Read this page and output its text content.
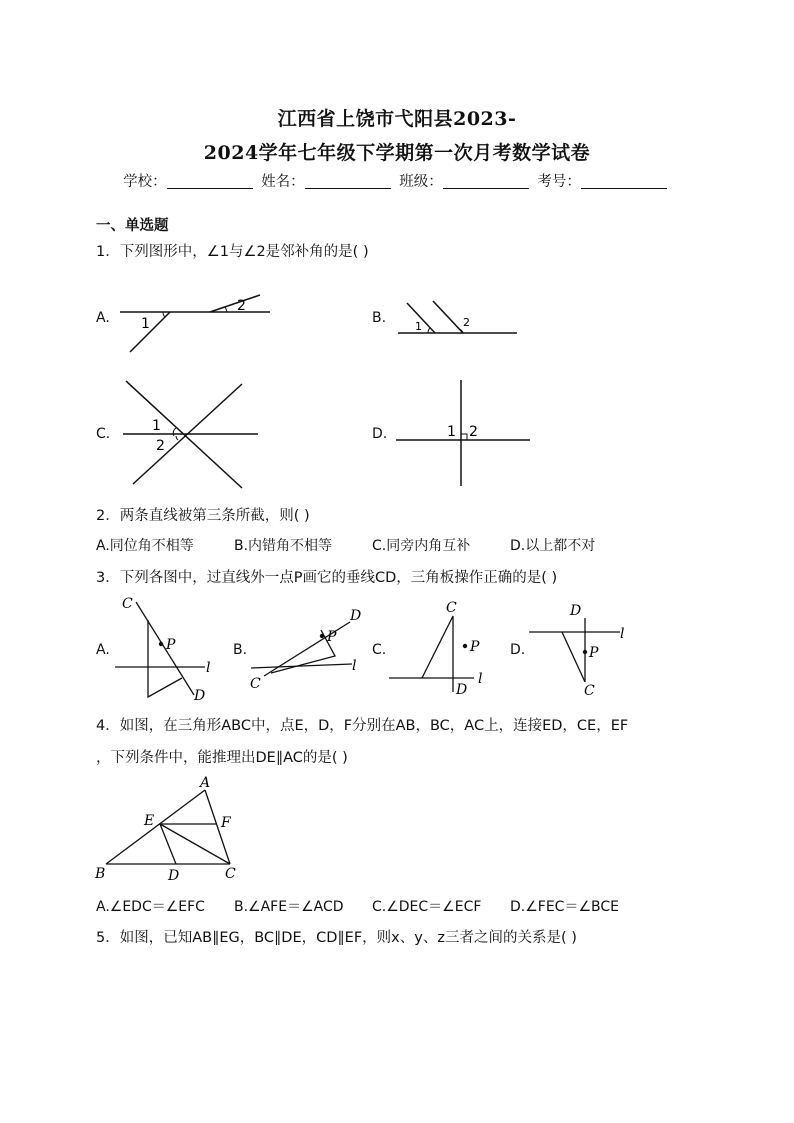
江西省上饶市弋阳县2023-
2024学年七年级下学期第一次月考数学试卷
学校：	姓名：	班级：	考号：
一、单选题
1．下列图形中，∠1与∠2是邻补角的是( )
A. 1
2
B.
1	2
C.	1
2
D.	1 2
2．两条直线被第三条所截，则( )
A.同位角不相等	B.内错角不相等	C.同旁内角互补	D.以上都不对
3．下列各图中，过直线外一点P画它的垂线CD，三角板操作正确的是( )
A.
C
P
l
D
B.
C
P
D
l
C.
C
P
l
D
D.
D
P
l
C
4．如图，在三角形ABC中，点E，D，F分别在AB，BC，AC上，连接ED，CE，EF
，下列条件中，能推理出DE∥AC的是( )
A
E	F
B	D	C
A.∠EDC＝∠EFC B.∠AFE＝∠ACD C.∠DEC＝∠ECF D.∠FEC＝∠BCE
5．如图，已知AB∥EG，BC∥DE，CD∥EF，则x、y、z三者之间的关系是( )
